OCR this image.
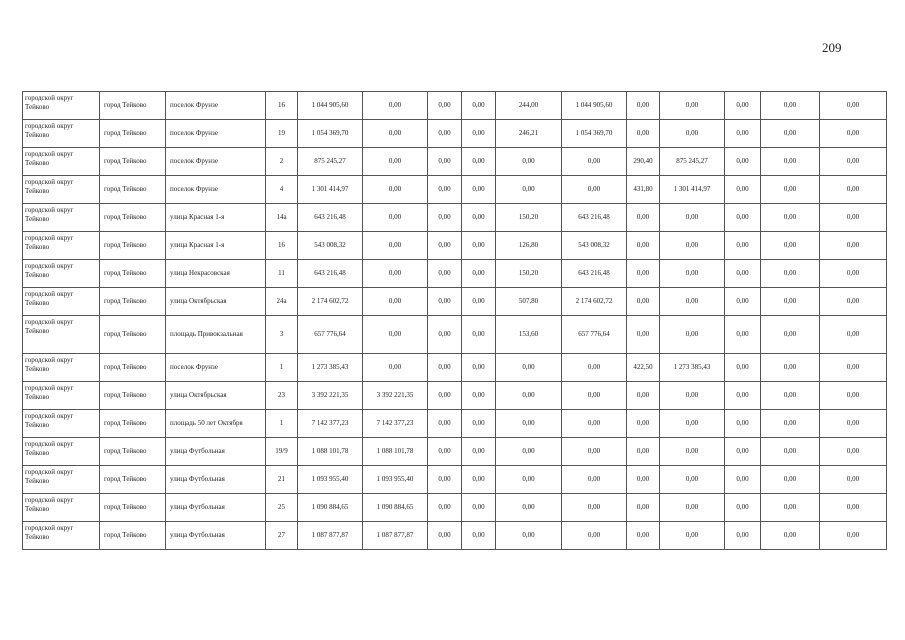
209
городской округ Тейково	город Тейково	поселок Фрунзе	16	1 044 905,60	0,00	0,00	0,00	244,00	1 044 905,60	0,00	0,00	0,00	0,00	0,00
городской округ Тейково	город Тейково	поселок Фрунзе	19	1 054 369,70	0,00	0,00	0,00	246,21	1 054 369,70	0,00	0,00	0,00	0,00	0,00
городской округ Тейково	город Тейково	поселок Фрунзе	2	875 245,27	0,00	0,00	0,00	0,00	0,00	290,40	875 245,27	0,00	0,00	0,00
городской округ Тейково	город Тейково	поселок Фрунзе	4	1 301 414,97	0,00	0,00	0,00	0,00	0,00	431,80	1 301 414,97	0,00	0,00	0,00
городской округ Тейково	город Тейково	улица Красная 1-я	14а	643 216,48	0,00	0,00	0,00	150,20	643 216,48	0,00	0,00	0,00	0,00	0,00
городской округ Тейково	город Тейково	улица Красная 1-я	16	543 008,32	0,00	0,00	0,00	126,80	543 008,32	0,00	0,00	0,00	0,00	0,00
городской округ Тейково	город Тейково	улица Некрасовская	11	643 216,48	0,00	0,00	0,00	150,20	643 216,48	0,00	0,00	0,00	0,00	0,00
городской округ Тейково	город Тейково	улица Октябрьская	24а	2 174 602,72	0,00	0,00	0,00	507,80	2 174 602,72	0,00	0,00	0,00	0,00	0,00
городской округ Тейково	город Тейково	площадь Привокзальная	3	657 776,64	0,00	0,00	0,00	153,60	657 776,64	0,00	0,00	0,00	0,00	0,00
городской округ Тейково	город Тейково	поселок Фрунзе	1	1 273 385,43	0,00	0,00	0,00	0,00	0,00	422,50	1 273 385,43	0,00	0,00	0,00
городской округ Тейково	город Тейково	улица Октябрьская	23	3 392 221,35	3 392 221,35	0,00	0,00	0,00	0,00	0,00	0,00	0,00	0,00	0,00
городской округ Тейково	город Тейково	площадь 50 лет Октября	1	7 142 377,23	7 142 377,23	0,00	0,00	0,00	0,00	0,00	0,00	0,00	0,00	0,00
городской округ Тейково	город Тейково	улица Футбольная	19/9	1 088 101,78	1 088 101,78	0,00	0,00	0,00	0,00	0,00	0,00	0,00	0,00	0,00
городской округ Тейково	город Тейково	улица Футбольная	21	1 093 955,40	1 093 955,40	0,00	0,00	0,00	0,00	0,00	0,00	0,00	0,00	0,00
городской округ Тейково	город Тейково	улица Футбольная	25	1 090 884,65	1 090 884,65	0,00	0,00	0,00	0,00	0,00	0,00	0,00	0,00	0,00
городской округ Тейково	город Тейково	улица Футбольная	27	1 087 877,87	1 087 877,87	0,00	0,00	0,00	0,00	0,00	0,00	0,00	0,00	0,00
